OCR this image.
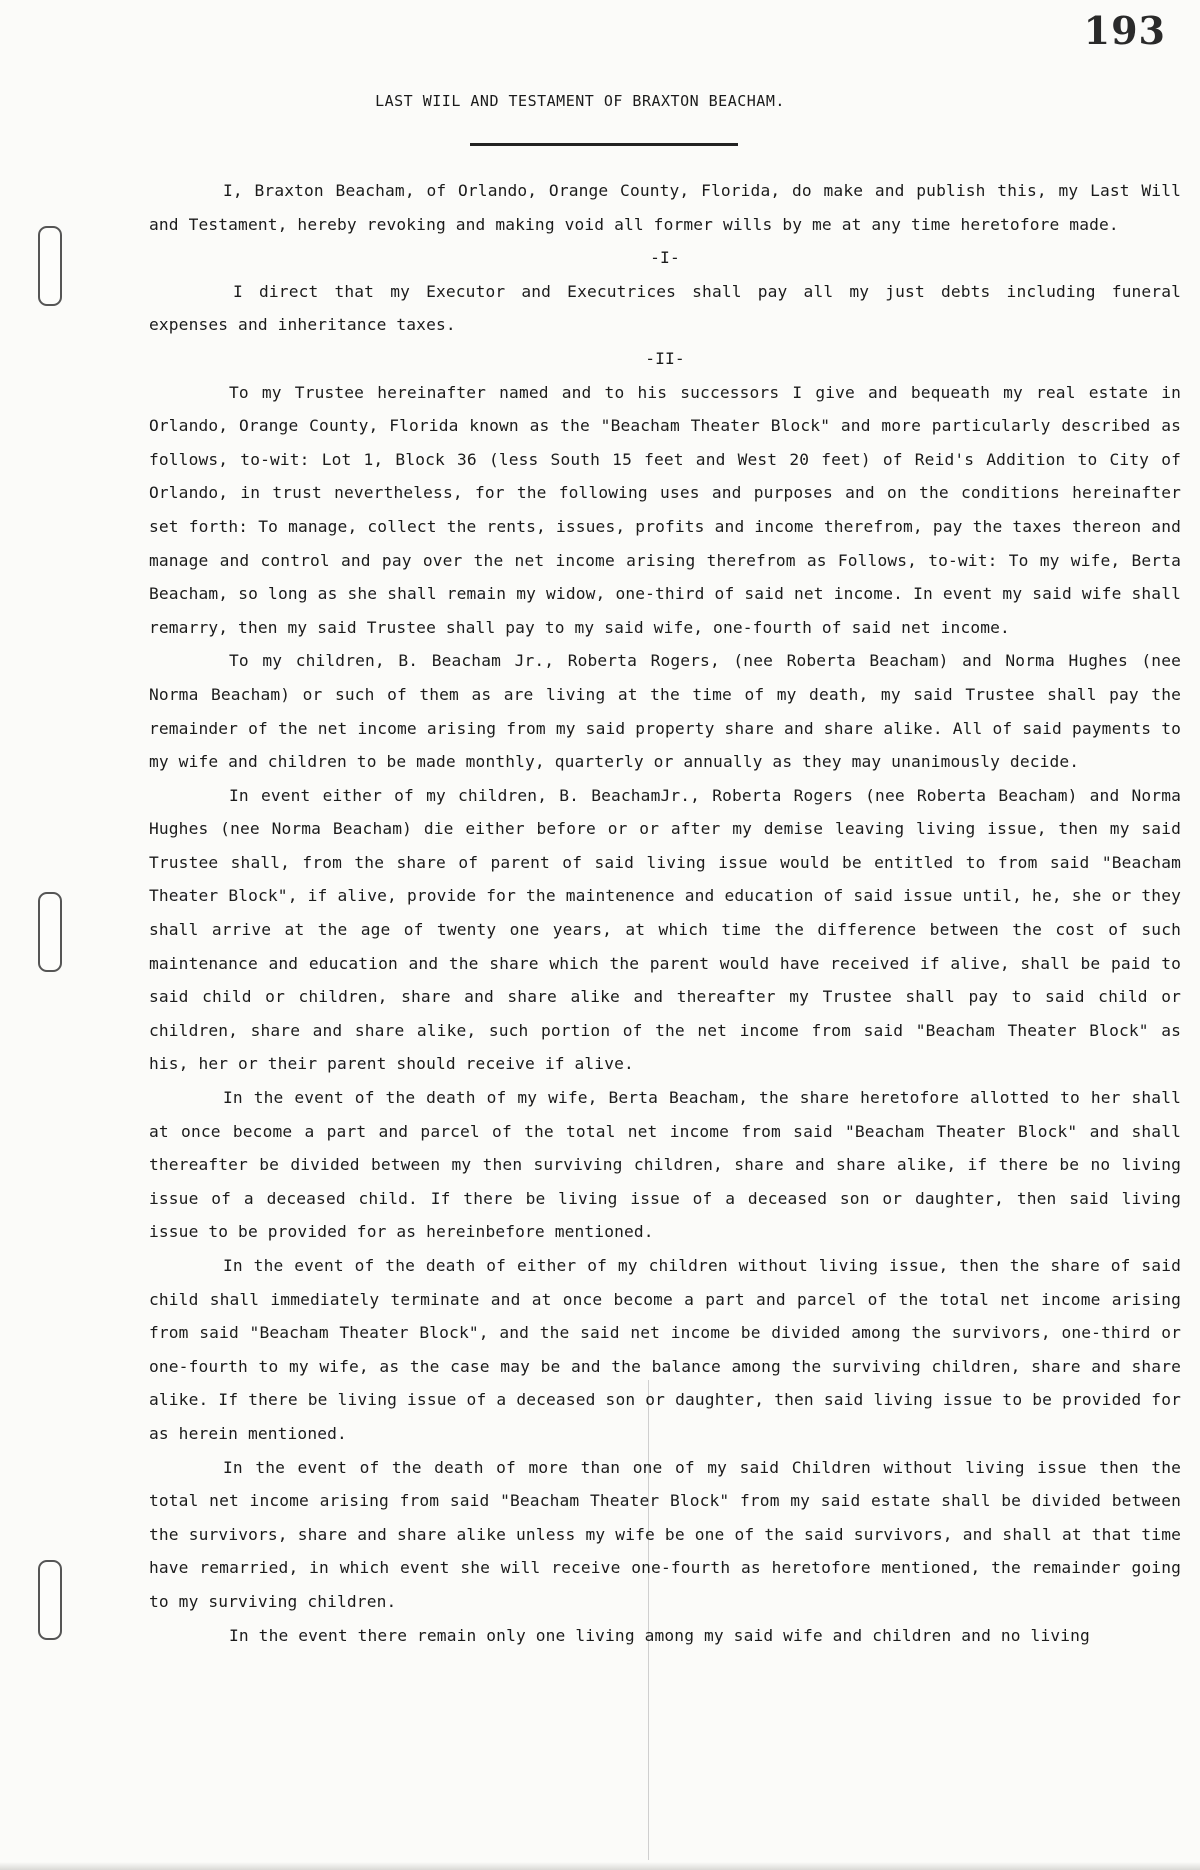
193
LAST WIIL AND TESTAMENT OF BRAXTON BEACHAM.

I, Braxton Beacham, of Orlando, Orange County, Florida, do make and publish this, my Last Will and Testament, hereby revoking and making void all former wills by me at any time heretofore made.

-I-

I direct that my Executor and Executrices shall pay all my just debts including funeral expenses and inheritance taxes.

-II-

To my Trustee hereinafter named and to his successors I give and bequeath my real estate in Orlando, Orange County, Florida known as the "Beacham Theater Block" and more particularly described as follows, to-wit: Lot 1, Block 36 (less South 15 feet and West 20 feet) of Reid's Addition to City of Orlando, in trust nevertheless, for the following uses and purposes and on the conditions hereinafter set forth: To manage, collect the rents, issues, profits and income therefrom, pay the taxes thereon and manage and control and pay over the net income arising therefrom as Follows, to-wit: To my wife, Berta Beacham, so long as she shall remain my widow, one-third of said net income. In event my said wife shall remarry, then my said Trustee shall pay to my said wife, one-fourth of said net income.

To my children, B. Beacham Jr., Roberta Rogers, (nee Roberta Beacham) and Norma Hughes (nee Norma Beacham) or such of them as are living at the time of my death, my said Trustee shall pay the remainder of the net income arising from my said property share and share alike. All of said payments to my wife and children to be made monthly, quarterly or annually as they may unanimously decide.

In event either of my children, B. BeachamJr., Roberta Rogers (nee Roberta Beacham) and Norma Hughes (nee Norma Beacham) die either before or or after my demise leaving living issue, then my said Trustee shall, from the share of parent of said living issue would be entitled to from said "Beacham Theater Block", if alive, provide for the maintenence and education of said issue until, he, she or they shall arrive at the age of twenty one years, at which time the difference between the cost of such maintenance and education and the share which the parent would have received if alive, shall be paid to said child or children, share and share alike and thereafter my Trustee shall pay to said child or children, share and share alike, such portion of the net income from said "Beacham Theater Block" as his, her or their parent should receive if alive.

In the event of the death of my wife, Berta Beacham, the share heretofore allotted to her shall at once become a part and parcel of the total net income from said "Beacham Theater Block" and shall thereafter be divided between my then surviving children, share and share alike, if there be no living issue of a deceased child. If there be living issue of a deceased son or daughter, then said living issue to be provided for as hereinbefore mentioned.

In the event of the death of either of my children without living issue, then the share of said child shall immediately terminate and at once become a part and parcel of the total net income arising from said "Beacham Theater Block", and the said net income be divided among the survivors, one-third or one-fourth to my wife, as the case may be and the balance among the surviving children, share and share alike. If there be living issue of a deceased son or daughter, then said living issue to be provided for as herein mentioned.

In the event of the death of more than one of my said Children without living issue then the total net income arising from said "Beacham Theater Block" from my said estate shall be divided between the survivors, share and share alike unless my wife be one of the said survivors, and shall at that time have remarried, in which event she will receive one-fourth as heretofore mentioned, the remainder going to my surviving children.

In the event there remain only one living among my said wife and children and no living
